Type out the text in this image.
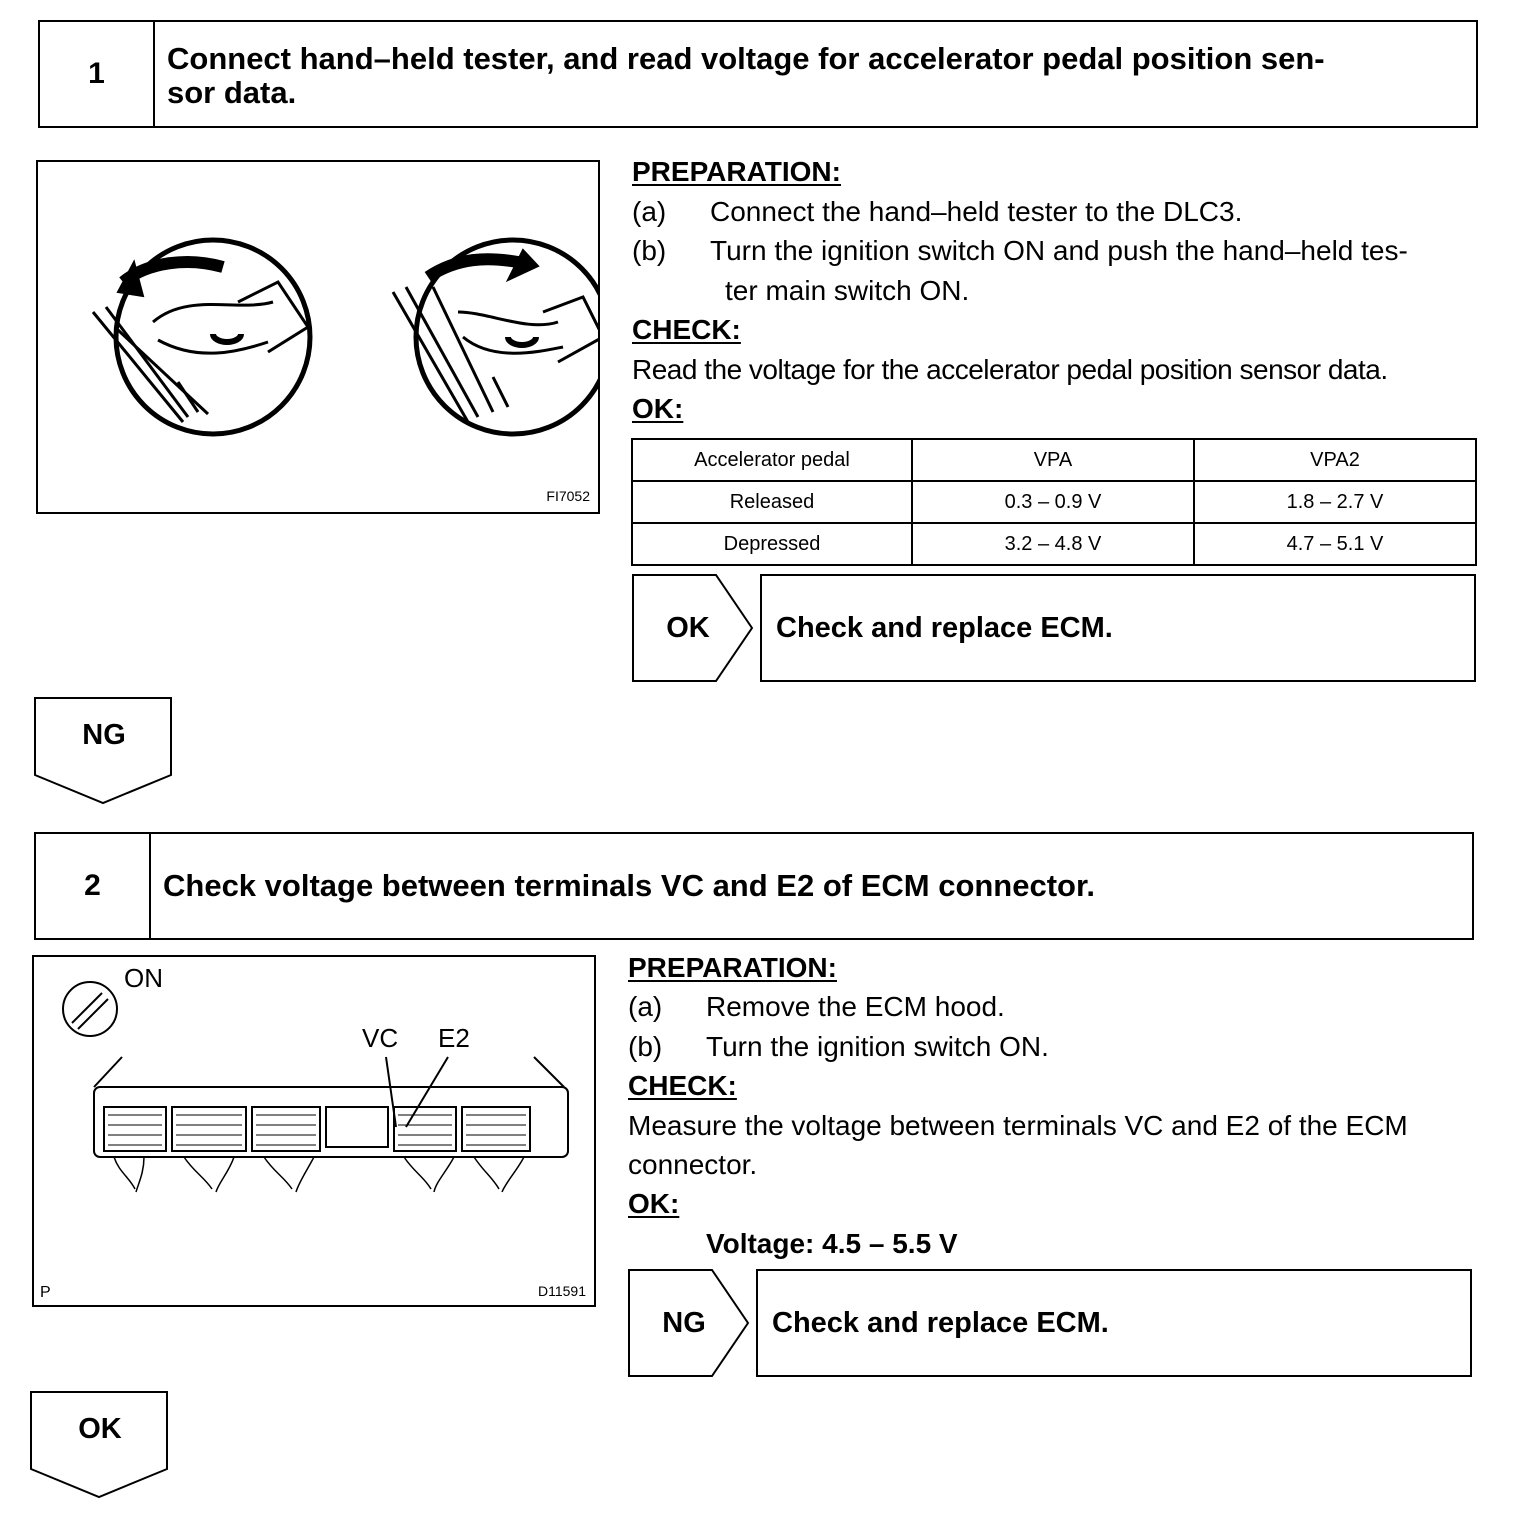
1	Connect hand–held tester, and read voltage for accelerator pedal position sen-
sor data.
FI7052
PREPARATION:
(a) Connect the hand–held tester to the DLC3.
(b) Turn the ignition switch ON and push the hand–held tes-
ter main switch ON.
CHECK:
Read the voltage for the accelerator pedal position sensor data.
OK:
Accelerator pedal	VPA	VPA2
Released	0.3 – 0.9 V	1.8 – 2.7 V
Depressed	3.2 – 4.8 V	4.7 – 5.1 V
OK	Check and replace ECM.
NG
2	Check voltage between terminals VC and E2 of ECM connector.
ON
VC E2
P	D11591
PREPARATION:
(a) Remove the ECM hood.
(b) Turn the ignition switch ON.
CHECK:
Measure the voltage between terminals VC and E2 of the ECM
connector.
OK:
Voltage: 4.5 – 5.5 V
NG	Check and replace ECM.
OK
